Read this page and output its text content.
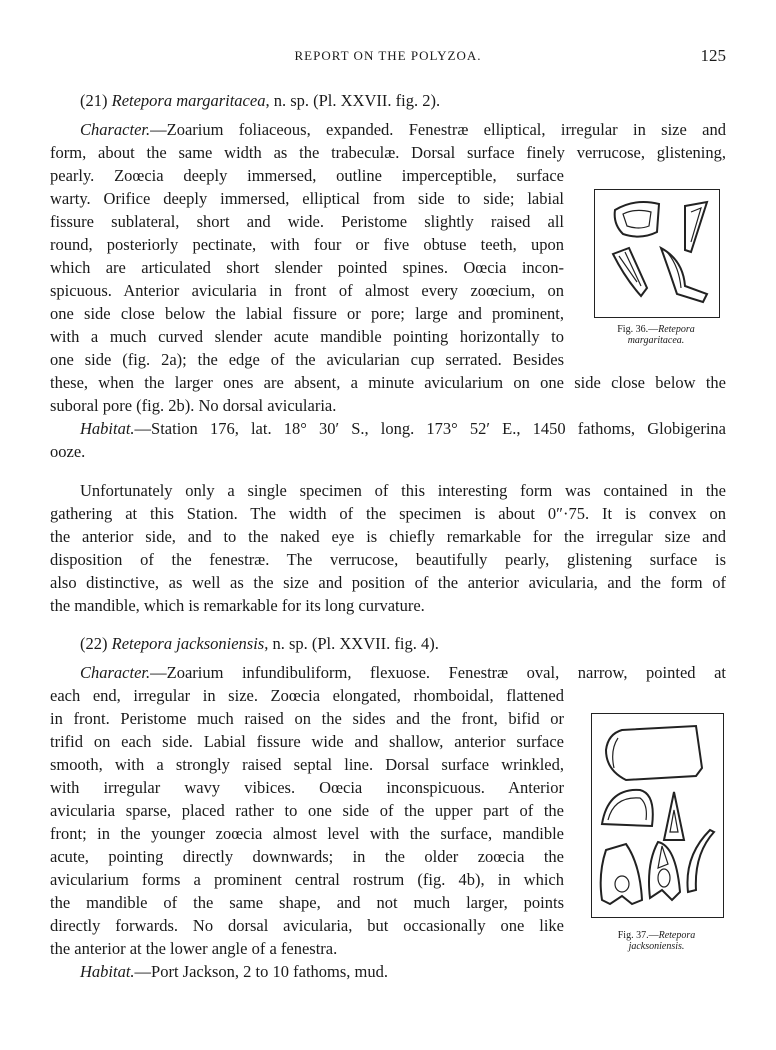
REPORT ON THE POLYZOA.	125
(21) Retepora margaritacea, n. sp. (Pl. XXVII. fig. 2).
Character.—Zoarium foliaceous, expanded. Fenestræ elliptical, irregular in size and
form, about the same width as the trabeculæ. Dorsal surface finely verrucose, glistening,
pearly. Zoœcia deeply immersed, outline imperceptible, surface
warty. Orifice deeply immersed, elliptical from side to side; labial
fissure sublateral, short and wide. Peristome slightly raised all
round, posteriorly pectinate, with four or five obtuse teeth, upon
which are articulated short slender pointed spines. Oœcia incon-
spicuous. Anterior avicularia in front of almost every zoœcium, on
one side close below the labial fissure or pore; large and prominent,
with a much curved slender acute mandible pointing horizontally to
one side (fig. 2a); the edge of the avicularian cup serrated. Besides
these, when the larger ones are absent, a minute avicularium on one side close below the
suboral pore (fig. 2b). No dorsal avicularia.
Habitat.—Station 176, lat. 18° 30′ S., long. 173° 52′ E., 1450 fathoms, Globigerina
ooze.
Unfortunately only a single specimen of this interesting form was contained in the
gathering at this Station. The width of the specimen is about 0″·75. It is convex on
the anterior side, and to the naked eye is chiefly remarkable for the irregular size and
disposition of the fenestræ. The verrucose, beautifully pearly, glistening surface is
also distinctive, as well as the size and position of the anterior avicularia, and the form of
the mandible, which is remarkable for its long curvature.
Fig. 36.—Retepora
margaritacea.
(22) Retepora jacksoniensis, n. sp. (Pl. XXVII. fig. 4).
Character.—Zoarium infundibuliform, flexuose. Fenestræ oval, narrow, pointed at
each end, irregular in size. Zoœcia elongated, rhomboidal, flattened
in front. Peristome much raised on the sides and the front, bifid or
trifid on each side. Labial fissure wide and shallow, anterior surface
smooth, with a strongly raised septal line. Dorsal surface wrinkled,
with irregular wavy vibices. Oœcia inconspicuous. Anterior
avicularia sparse, placed rather to one side of the upper part of the
front; in the younger zoœcia almost level with the surface, mandible
acute, pointing directly downwards; in the older zoœcia the
avicularium forms a prominent central rostrum (fig. 4b), in which
the mandible of the same shape, and not much larger, points
directly forwards. No dorsal avicularia, but occasionally one like
the anterior at the lower angle of a fenestra.
Habitat.—Port Jackson, 2 to 10 fathoms, mud.
Fig. 37.—Retepora
jacksoniensis.
